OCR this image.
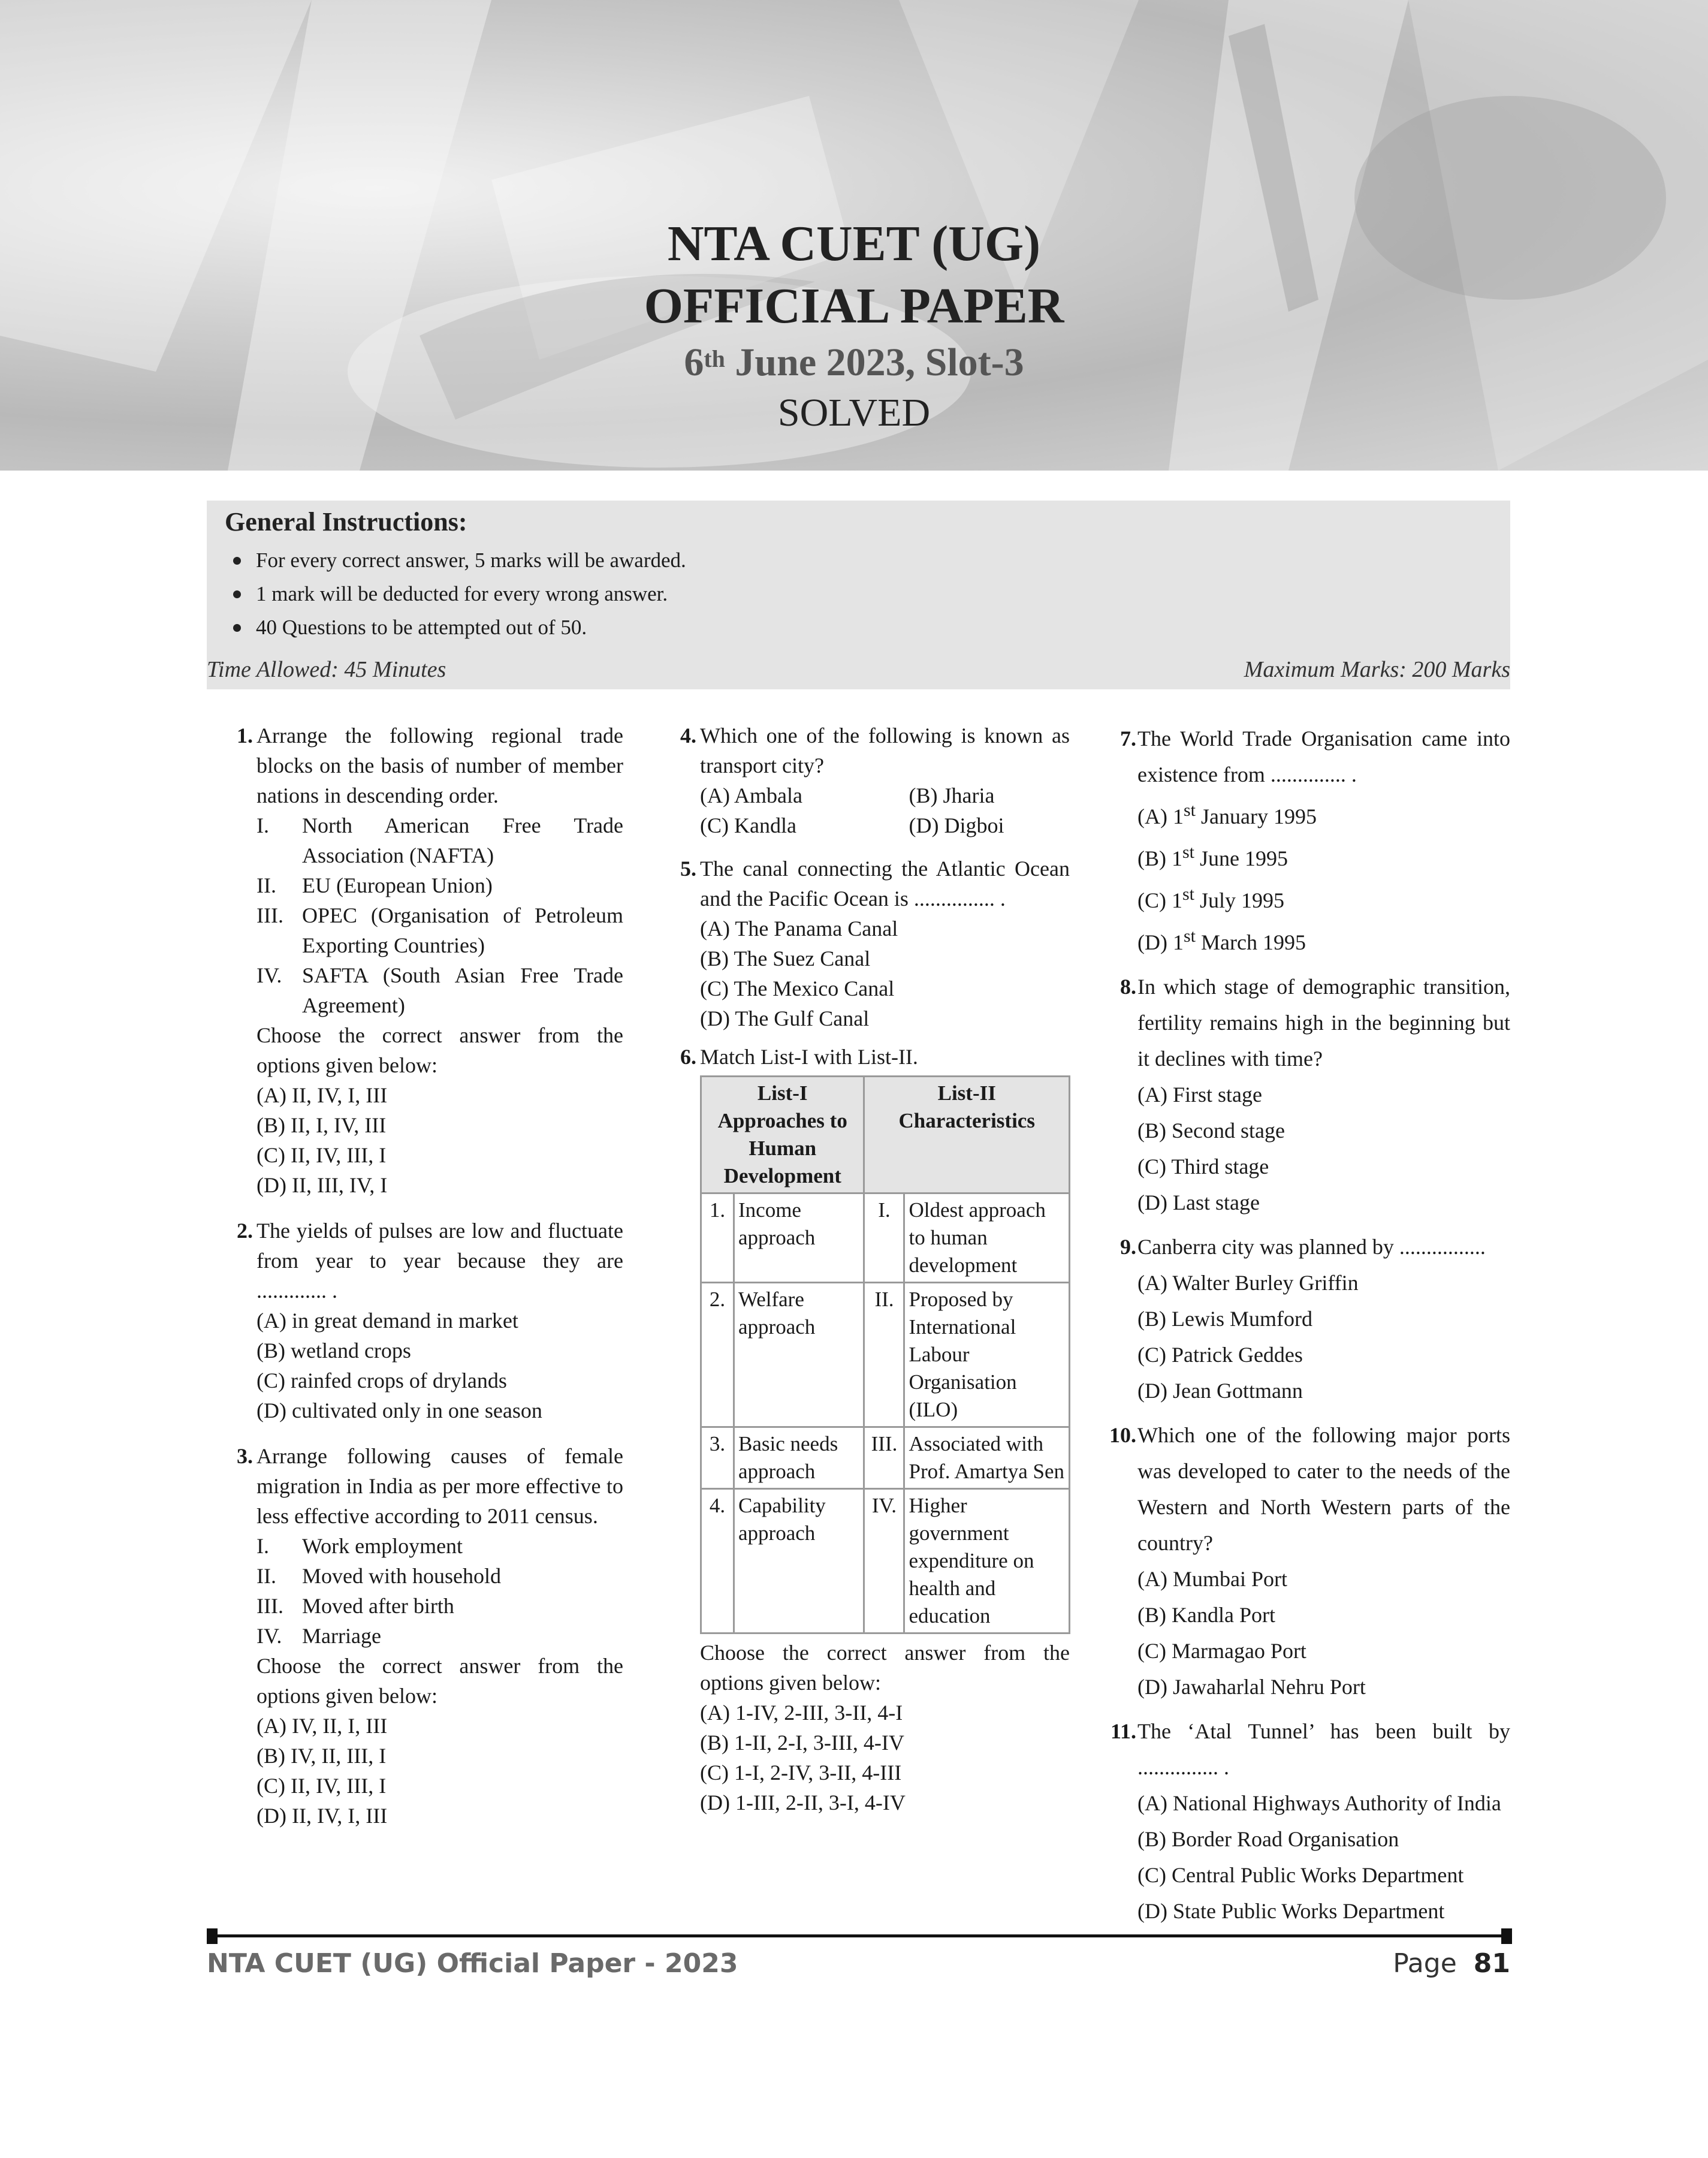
NTA CUET (UG)
OFFICIAL PAPER
6th June 2023, Slot-3
SOLVED
General Instructions:
For every correct answer, 5 marks will be awarded.
1 mark will be deducted for every wrong answer.
40 Questions to be attempted out of 50.
Time Allowed: 45 Minutes	Maximum Marks: 200 Marks
1. Arrange the following regional trade blocks on the basis of number of member nations in descending order.
I. North American Free Trade Association (NAFTA)
II. EU (European Union)
III. OPEC (Organisation of Petroleum Exporting Countries)
IV. SAFTA (South Asian Free Trade Agreement)
Choose the correct answer from the options given below:
(A) II, IV, I, III
(B) II, I, IV, III
(C) II, IV, III, I
(D) II, III, IV, I
2. The yields of pulses are low and fluctuate from year to year because they are ............. .
(A) in great demand in market
(B) wetland crops
(C) rainfed crops of drylands
(D) cultivated only in one season
3. Arrange following causes of female migration in India as per more effective to less effective according to 2011 census.
I. Work employment
II. Moved with household
III. Moved after birth
IV. Marriage
Choose the correct answer from the options given below:
(A) IV, II, I, III
(B) IV, II, III, I
(C) II, IV, III, I
(D) II, IV, I, III
4. Which one of the following is known as transport city?
(A) Ambala	(B) Jharia
(C) Kandla	(D) Digboi
5. The canal connecting the Atlantic Ocean and the Pacific Ocean is ............... .
(A) The Panama Canal
(B) The Suez Canal
(C) The Mexico Canal
(D) The Gulf Canal
6. Match List-I with List-II.
List-I Approaches to Human Development		List-II Characteristics	
1.	Income approach	I.	Oldest approach to human development
2.	Welfare approach	II.	Proposed by International Labour Organisation (ILO)
3.	Basic needs approach	III.	Associated with Prof. Amartya Sen
4.	Capability approach	IV.	Higher government expenditure on health and education
Choose the correct answer from the options given below:
(A) 1-IV, 2-III, 3-II, 4-I
(B) 1-II, 2-I, 3-III, 4-IV
(C) 1-I, 2-IV, 3-II, 4-III
(D) 1-III, 2-II, 3-I, 4-IV
7. The World Trade Organisation came into existence from .............. .
(A) 1st January 1995
(B) 1st June 1995
(C) 1st July 1995
(D) 1st March 1995
8. In which stage of demographic transition, fertility remains high in the beginning but it declines with time?
(A) First stage
(B) Second stage
(C) Third stage
(D) Last stage
9. Canberra city was planned by ................
(A) Walter Burley Griffin
(B) Lewis Mumford
(C) Patrick Geddes
(D) Jean Gottmann
10. Which one of the following major ports was developed to cater to the needs of the Western and North Western parts of the country?
(A) Mumbai Port
(B) Kandla Port
(C) Marmagao Port
(D) Jawaharlal Nehru Port
11. The ‘Atal Tunnel’ has been built by ............... .
(A) National Highways Authority of India
(B) Border Road Organisation
(C) Central Public Works Department
(D) State Public Works Department
NTA CUET (UG) Official Paper - 2023	Page 81
